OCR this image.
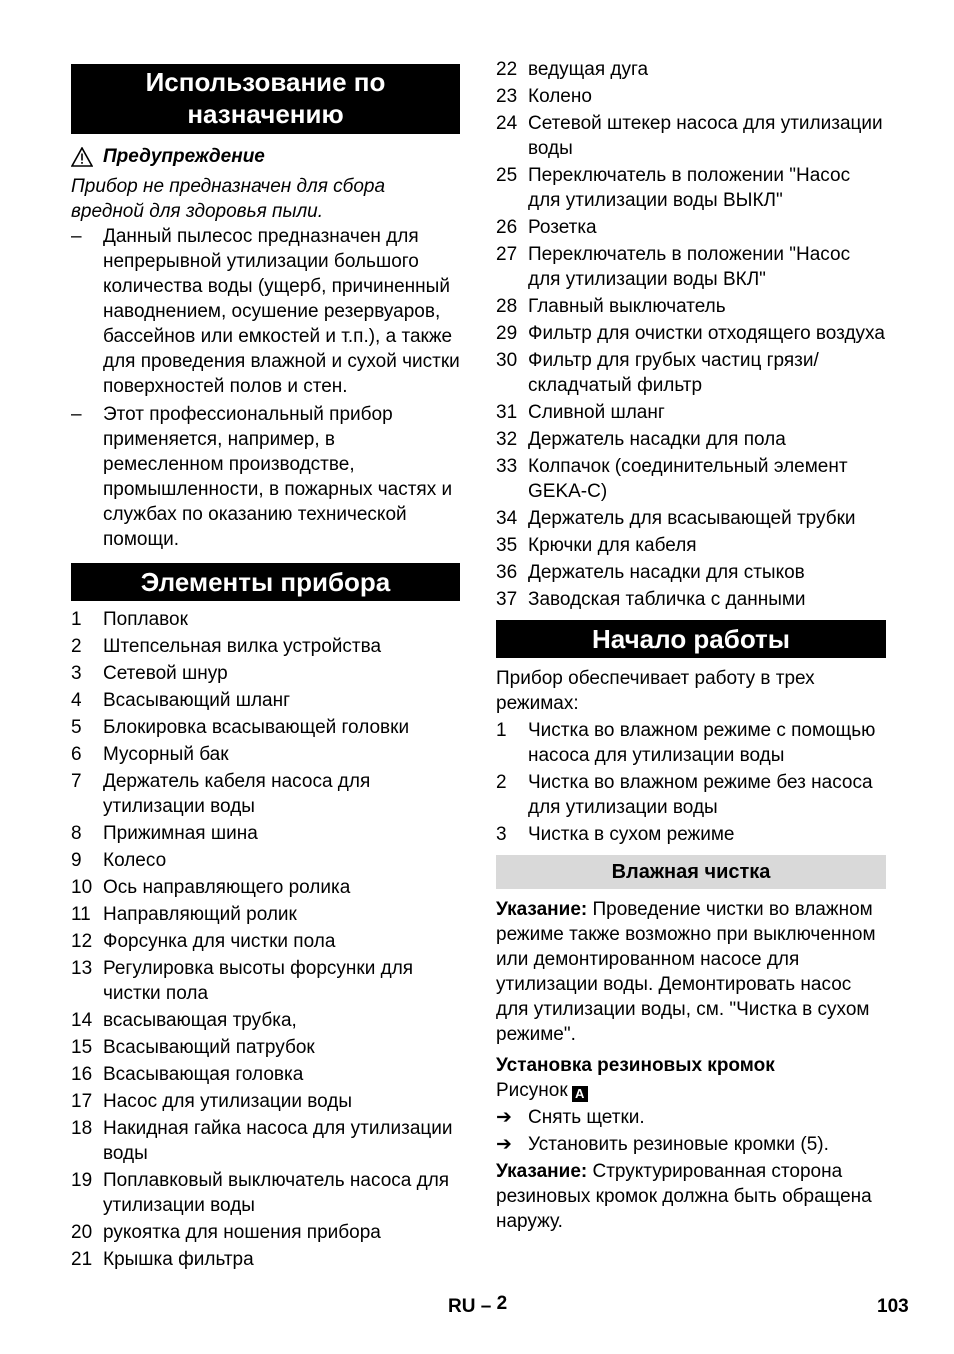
Использование по
назначению
Предупреждение
Прибор не предназначен для сбора вредной для здоровья пыли.
–	Данный пылесос предназначен для непрерывной утилизации большого количества воды (ущерб, причиненный наводнением, осушение резервуаров, бассейнов или емкостей и т.п.), а также для проведения влажной и сухой чистки поверхностей полов и стен.
–	Этот профессиональный прибор применяется, например, в ремесленном производстве, промышленности, в пожарных частях и службах по оказанию технической помощи.
Элементы прибора
1	Поплавок
2	Штепсельная вилка устройства
3	Сетевой шнур
4	Всасывающий шланг
5	Блокировка всасывающей головки
6	Мусорный бак
7	Держатель кабеля насоса для утилизации воды
8	Прижимная шина
9	Колесо
10 Ось направляющего ролика
11 Направляющий ролик
12 Форсунка для чистки пола
13 Регулировка высоты форсунки для чистки пола
14 всасывающая трубка,
15 Всасывающий патрубок
16 Всасывающая головка
17 Насос для утилизации воды
18 Накидная гайка насоса для утилизации воды
19 Поплавковый выключатель насоса для утилизации воды
20 рукоятка для ношения прибора
21 Крышка фильтра
22 ведущая дуга
23 Колено
24 Сетевой штекер насоса для утилизации воды
25 Переключатель в положении "Насос для утилизации воды ВЫКЛ"
26 Розетка
27 Переключатель в положении "Насос для утилизации воды ВКЛ"
28 Главный выключатель
29 Фильтр для очистки отходящего воздуха
30 Фильтр для грубых частиц грязи/ складчатый фильтр
31 Сливной шланг
32 Держатель насадки для пола
33 Колпачок (соединительный элемент GEKA-C)
34 Держатель для всасывающей трубки
35 Крючки для кабеля
36 Держатель насадки для стыков
37 Заводская табличка с данными
Начало работы
Прибор обеспечивает работу в трех режимах:
1	Чистка во влажном режиме с помощью насоса для утилизации воды
2	Чистка во влажном режиме без насоса для утилизации воды
3	Чистка в сухом режиме
Влажная чистка
Указание: Проведение чистки во влажном режиме также возможно при выключенном или демонтированном насосе для утилизации воды. Демонтировать насос для утилизации воды, см. "Чистка в сухом режиме".
Установка резиновых кромок
Рисунок A
➔ Снять щетки.
➔ Установить резиновые кромки (5).
Указание: Структурированная сторона резиновых кромок должна быть обращена наружу.
RU – 2	103
